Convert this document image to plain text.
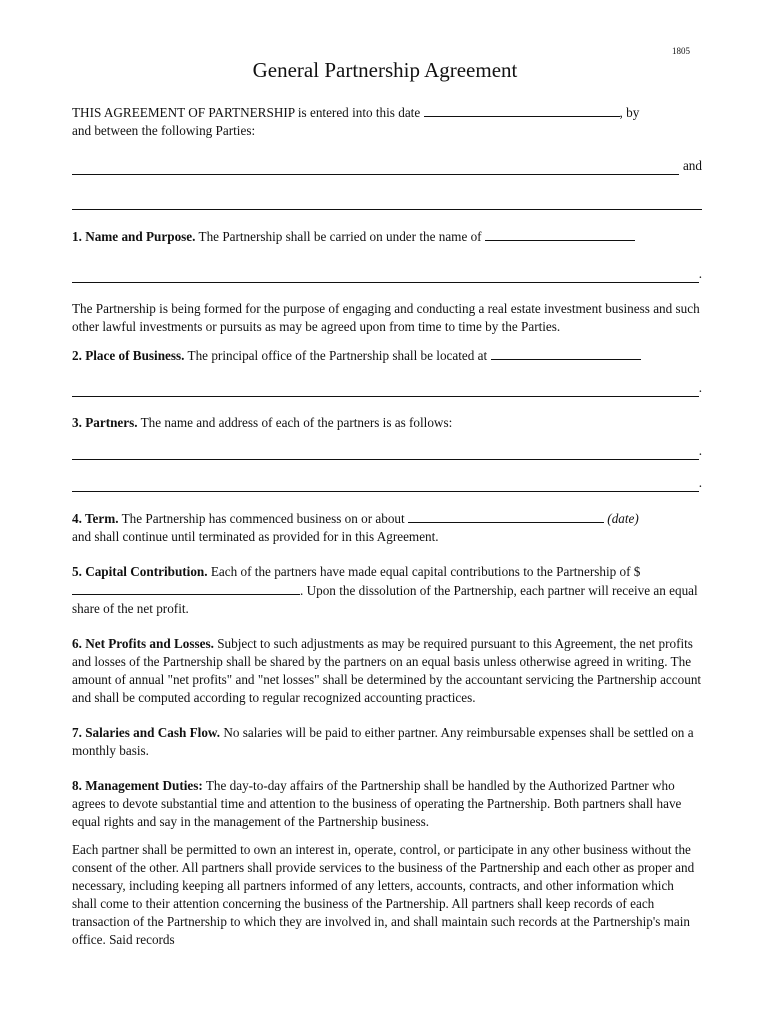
1805
General Partnership Agreement

THIS AGREEMENT OF PARTNERSHIP is entered into this date	, by
and between the following Parties:

and

1. Name and Purpose. The Partnership shall be carried on under the name of

.

The Partnership is being formed for the purpose of engaging and conducting a real estate investment business and such other lawful investments or pursuits as may be agreed upon from time to time by the Parties.

2. Place of Business. The principal office of the Partnership shall be located at

.

3. Partners. The name and address of each of the partners is as follows:

.
.

4. Term. The Partnership has commenced business on or about	(date)
and shall continue until terminated as provided for in this Agreement.

5. Capital Contribution. Each of the partners have made equal capital contributions to the Partnership of $. Upon the dissolution of the Partnership, each partner will receive an equal share of the net profit.

6. Net Profits and Losses. Subject to such adjustments as may be required pursuant to this Agreement, the net profits and losses of the Partnership shall be shared by the partners on an equal basis unless otherwise agreed in writing. The amount of annual "net profits" and "net losses" shall be determined by the accountant servicing the Partnership account and shall be computed according to regular recognized accounting practices.

7. Salaries and Cash Flow. No salaries will be paid to either partner. Any reimbursable expenses shall be settled on a monthly basis.

8. Management Duties: The day-to-day affairs of the Partnership shall be handled by the Authorized Partner who agrees to devote substantial time and attention to the business of operating the Partnership. Both partners shall have equal rights and say in the management of the Partnership business.

Each partner shall be permitted to own an interest in, operate, control, or participate in any other business without the consent of the other. All partners shall provide services to the business of the Partnership and each other as proper and necessary, including keeping all partners informed of any letters, accounts, contracts, and other information which shall come to their attention concerning the business of the Partnership. All partners shall keep records of each transaction of the Partnership to which they are involved in, and shall maintain such records at the Partnership's main office. Said records
